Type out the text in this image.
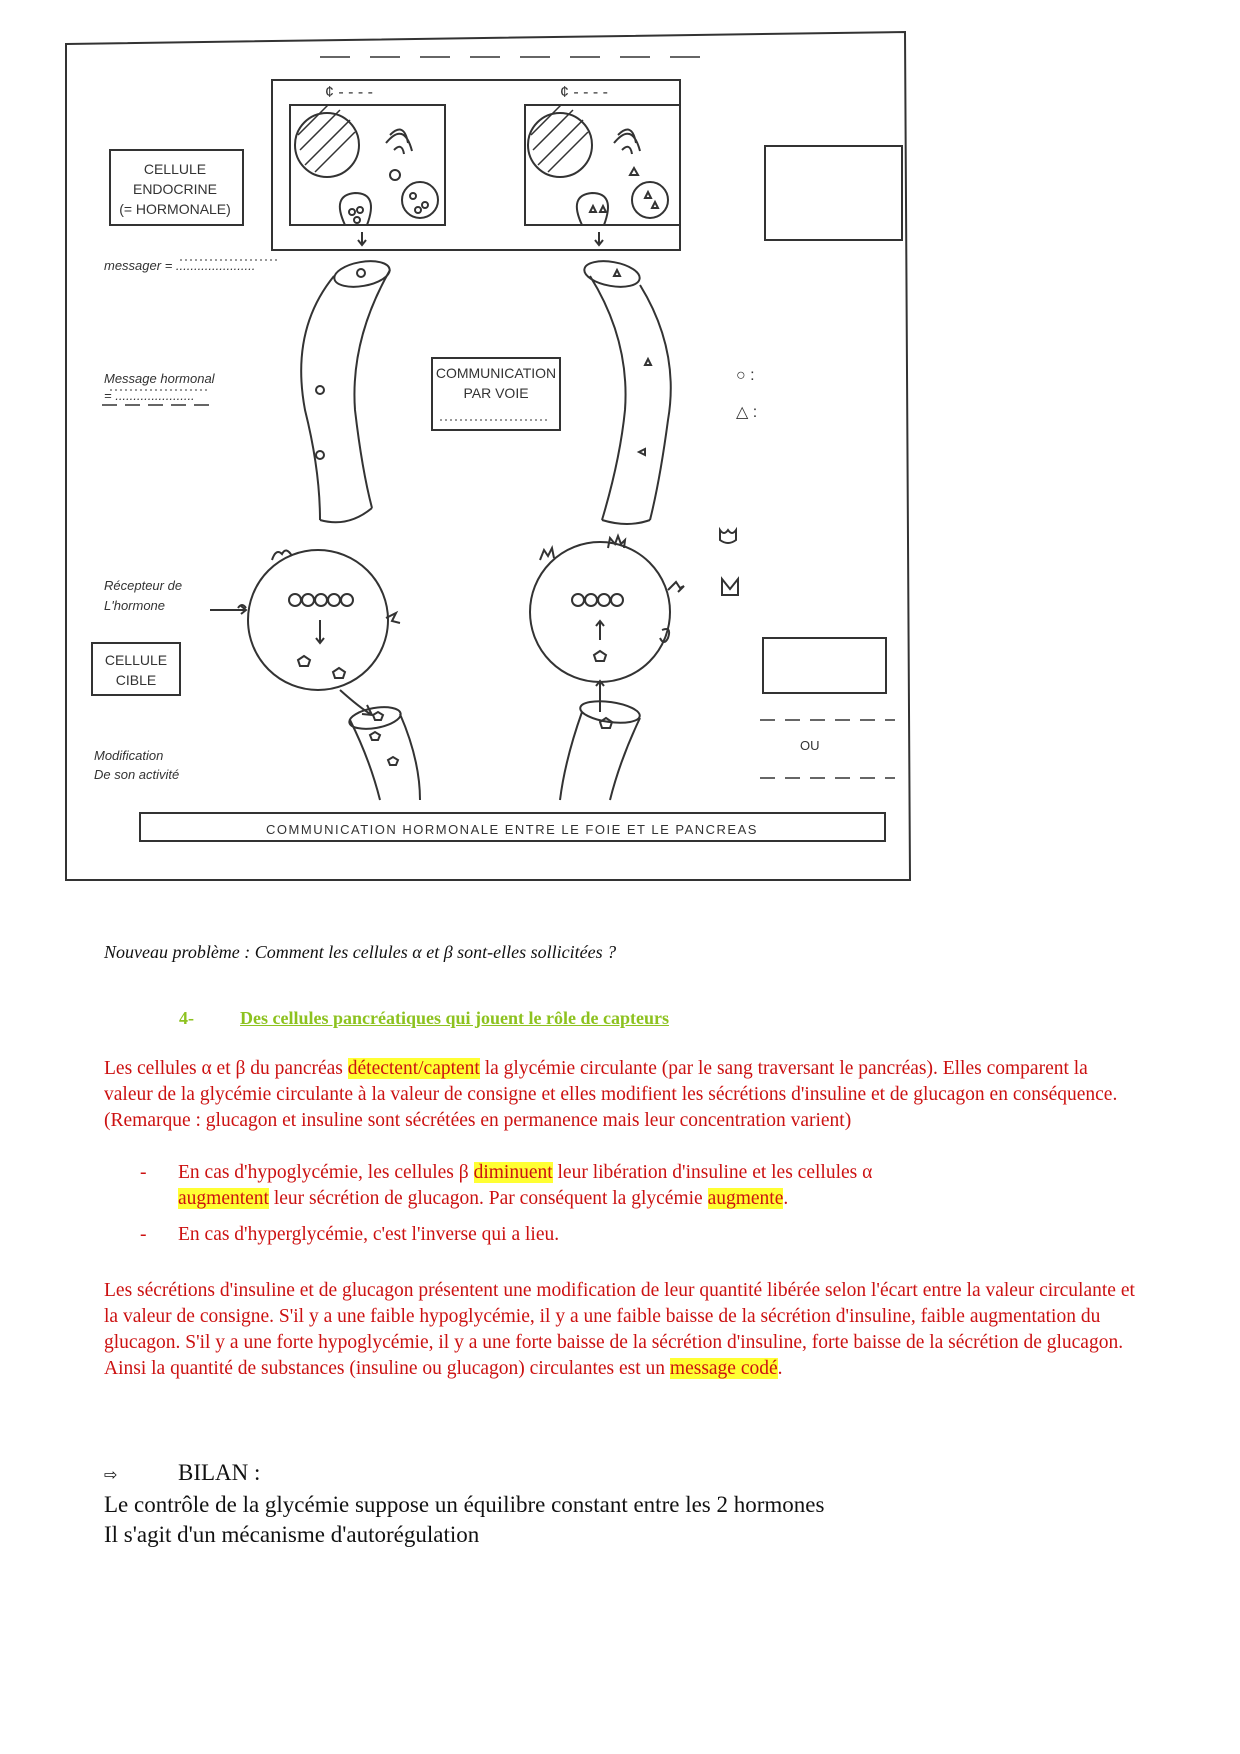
CELLULE
ENDOCRINE
(= HORMONALE)
messager = ......................
Message hormonal
= ......................
COMMUNICATION
PAR VOIE
Récepteur de
L'hormone
CELLULE
CIBLE
Modification
De son activité
○ :
△ :
OU
¢ - - - -	¢ - - - -
COMMUNICATION HORMONALE ENTRE LE FOIE ET LE PANCREAS
Nouveau problème : Comment les cellules α et β sont-elles sollicitées ?
4-	Des cellules pancréatiques qui jouent le rôle de capteurs
Les cellules α et β du pancréas détectent/captent la glycémie circulante (par le sang traversant le pancréas). Elles comparent la valeur de la glycémie circulante à la valeur de consigne et elles modifient les sécrétions d'insuline et de glucagon en conséquence. (Remarque : glucagon et insuline sont sécrétées en permanence mais leur concentration varient)
- En cas d'hypoglycémie, les cellules β diminuent leur libération d'insuline et les cellules α

augmentent leur sécrétion de glucagon. Par conséquent la glycémie augmente.
- En cas d'hyperglycémie, c'est l'inverse qui a lieu.
Les sécrétions d'insuline et de glucagon présentent une modification de leur quantité libérée selon l'écart entre la valeur circulante et la valeur de consigne. S'il y a une faible hypoglycémie, il y a une faible baisse de la sécrétion d'insuline, faible augmentation du glucagon. S'il y a une forte hypoglycémie, il y a une forte baisse de la sécrétion d'insuline, forte baisse de la sécrétion de glucagon.
Ainsi la quantité de substances (insuline ou glucagon) circulantes est un message codé.
⇨	BILAN :
Le contrôle de la glycémie suppose un équilibre constant entre les 2 hormones
Il s'agit d'un mécanisme d'autorégulation
